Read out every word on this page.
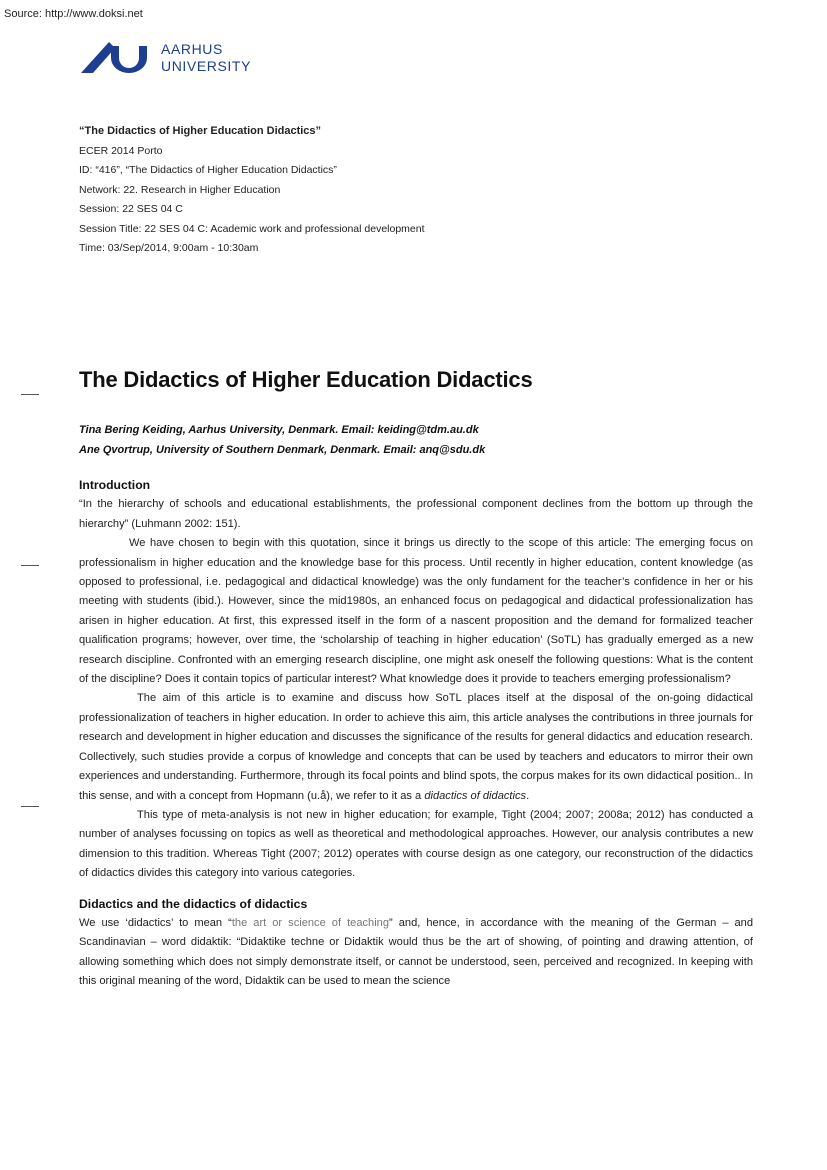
Source: http://www.doksi.net
AARHUS
UNIVERSITY
“The Didactics of Higher Education Didactics”
ECER 2014 Porto
ID: “416”, “The Didactics of Higher Education Didactics”
Network: 22. Research in Higher Education
Session: 22 SES 04 C
Session Title: 22 SES 04 C: Academic work and professional development
Time: 03/Sep/2014, 9:00am - 10:30am
The Didactics of Higher Education Didactics
Tina Bering Keiding, Aarhus University, Denmark. Email: keiding@tdm.au.dk
Ane Qvortrup, University of Southern Denmark, Denmark. Email: anq@sdu.dk
Introduction

“In the hierarchy of schools and educational establishments, the professional component declines from the bottom up through the hierarchy” (Luhmann 2002: 151).

We have chosen to begin with this quotation, since it brings us directly to the scope of this article: The emerging focus on professionalism in higher education and the knowledge base for this process. Until recently in higher education, content knowledge (as opposed to professional, i.e. pedagogical and didactical knowledge) was the only fundament for the teacher’s confidence in her or his meeting with students (ibid.). However, since the mid1980s, an enhanced focus on pedagogical and didactical professionalization has arisen in higher education. At first, this expressed itself in the form of a nascent proposition and the demand for formalized teacher qualification programs; however, over time, the ‘scholarship of teaching in higher education’ (SoTL) has gradually emerged as a new research discipline. Confronted with an emerging research discipline, one might ask oneself the following questions: What is the content of the discipline? Does it contain topics of particular interest? What knowledge does it provide to teachers emerging professionalism?

The aim of this article is to examine and discuss how SoTL places itself at the disposal of the on-going didactical professionalization of teachers in higher education. In order to achieve this aim, this article analyses the contributions in three journals for research and development in higher education and discusses the significance of the results for general didactics and education research. Collectively, such studies provide a corpus of knowledge and concepts that can be used by teachers and educators to mirror their own experiences and understanding. Furthermore, through its focal points and blind spots, the corpus makes for its own didactical position.. In this sense, and with a concept from Hopmann (u.å), we refer to it as a didactics of didactics.

This type of meta-analysis is not new in higher education; for example, Tight (2004; 2007; 2008a; 2012) has conducted a number of analyses focussing on topics as well as theoretical and methodological approaches. However, our analysis contributes a new dimension to this tradition. Whereas Tight (2007; 2012) operates with course design as one category, our reconstruction of the didactics of didactics divides this category into various categories.

Didactics and the didactics of didactics

We use ‘didactics’ to mean “the art or science of teaching” and, hence, in accordance with the meaning of the German – and Scandinavian – word didaktik: “Didaktike techne or Didaktik would thus be the art of showing, of pointing and drawing attention, of allowing something which does not simply demonstrate itself, or cannot be understood, seen, perceived and recognized. In keeping with this original meaning of the word, Didaktik can be used to mean the science
